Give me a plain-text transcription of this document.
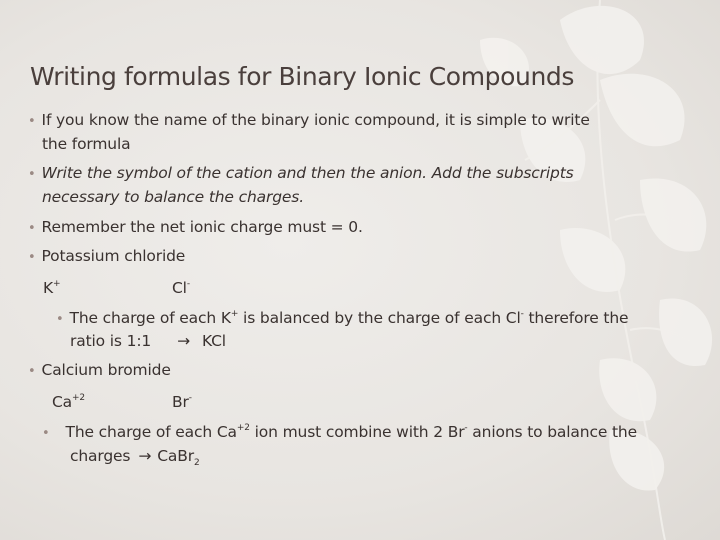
Writing formulas for Binary Ionic Compounds
• If you know the name of the binary ionic compound, it is simple to write
the formula
• Write the symbol of the cation and then the anion. Add the subscripts
necessary to balance the charges.
• Remember the net ionic charge must = 0.
• Potassium chloride
K+	Cl-
• The charge of each K+ is balanced by the charge of each Cl- therefore the
ratio is 1:1 → KCl
• Calcium bromide
$Ca^{+2}$	Br-
• The charge of each $Ca^{+2}$ ion must combine with 2 Br- anions to balance the
charges → CaBr$_2$
